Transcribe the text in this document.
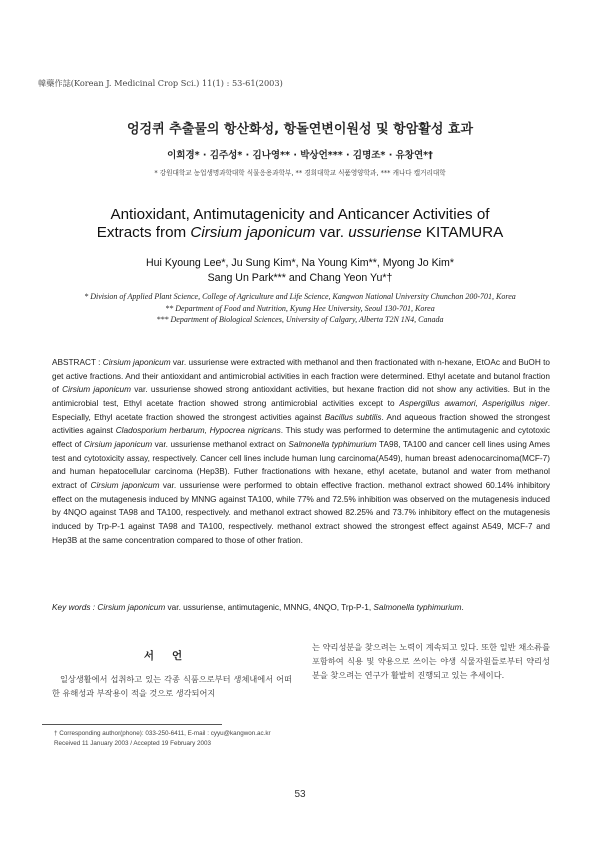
韓藥作誌(Korean J. Medicinal Crop Sci.) 11(1) : 53-61(2003)
엉겅퀴 추출물의 항산화성, 항돌연변이원성 및 항암활성 효과
이희경* · 김주성* · 김나영** · 박상언*** · 김명조* · 유창연*†
* 강원대학교 농업생명과학대학 식물응용과학부, ** 경희대학교 식품영양학과, *** 캐나다 캘거리대학
Antioxidant, Antimutagenicity and Anticancer Activities of
Extracts from Cirsium japonicum var. ussuriense KITAMURA
Hui Kyoung Lee*, Ju Sung Kim*, Na Young Kim**, Myong Jo Kim*
Sang Un Park*** and Chang Yeon Yu*†
* Division of Applied Plant Science, College of Agriculture and Life Science, Kangwon National University Chunchon 200-701, Korea
** Department of Food and Nutrition, Kyung Hee University, Seoul 130-701, Korea
*** Department of Biological Sciences, University of Calgary, Alberta T2N 1N4, Canada
ABSTRACT : Cirsium japonicum var. ussuriense were extracted with methanol and then fractionated with n-hexane, EtOAc and BuOH to get active fractions. And their antioxidant and antimicrobial activities in each fraction were determined. Ethyl acetate and butanol fraction of Cirsium japonicum var. ussuriense showed strong antioxidant activities, but hexane fraction did not show any activities. But in the antimicrobial test, Ethyl acetate fraction showed strong antimicrobial activities except to Aspergillus awamori, Asperigillus niger. Especially, Ethyl acetate fraction showed the strongest activities against Bacillus subtilis. And aqueous fraction showed the strongest activities against Cladosporium herbarum, Hypocrea nigricans. This study was performed to determine the antimutagenic and cytotoxic effect of Cirsium japonicum var. ussuriense methanol extract on Salmonella typhimurium TA98, TA100 and cancer cell lines using Ames test and cytotoxicity assay, respectively. Cancer cell lines include human lung carcinoma(A549), human breast adenocarcinoma(MCF-7) and human hepatocellular carcinoma (Hep3B). Futher fractionations with hexane, ethyl acetate, butanol and water from methanol extract of Cirsium japonicum var. ussuriense were performed to obtain effective fraction. methanol extract showed 60.14% inhibitory effect on the mutagenesis induced by MNNG against TA100, while 77% and 72.5% inhibition was observed on the mutagenesis induced by 4NQO against TA98 and TA100, respectively. and methanol extract showed 82.25% and 73.7% inhibitory effect on the mutagenesis induced by Trp-P-1 against TA98 and TA100, respectively. methanol extract showed the strongest effect against A549, MCF-7 and Hep3B at the same concentration compared to those of other fration.
Key words : Cirsium japonicum var. ussuriense, antimutagenic, MNNG, 4NQO, Trp-P-1, Salmonella typhimurium.
서언
일상생활에서 섭취하고 있는 각종 식품으로부터 생체내에서 어떠한 유해성과 부작용이 적을 것으로 생각되어지
는 약리성분을 찾으려는 노력이 계속되고 있다. 또한 일반 채소류를 포함하여 식용 및 약용으로 쓰이는 야생 식물자원들로부터 약리성분을 찾으려는 연구가 활발히 진행되고 있는 추세이다.
† Corresponding author(phone): 033-250-6411, E-mail : cyyu@kangwon.ac.kr
Received 11 January 2003 / Accepted 19 February 2003
53
